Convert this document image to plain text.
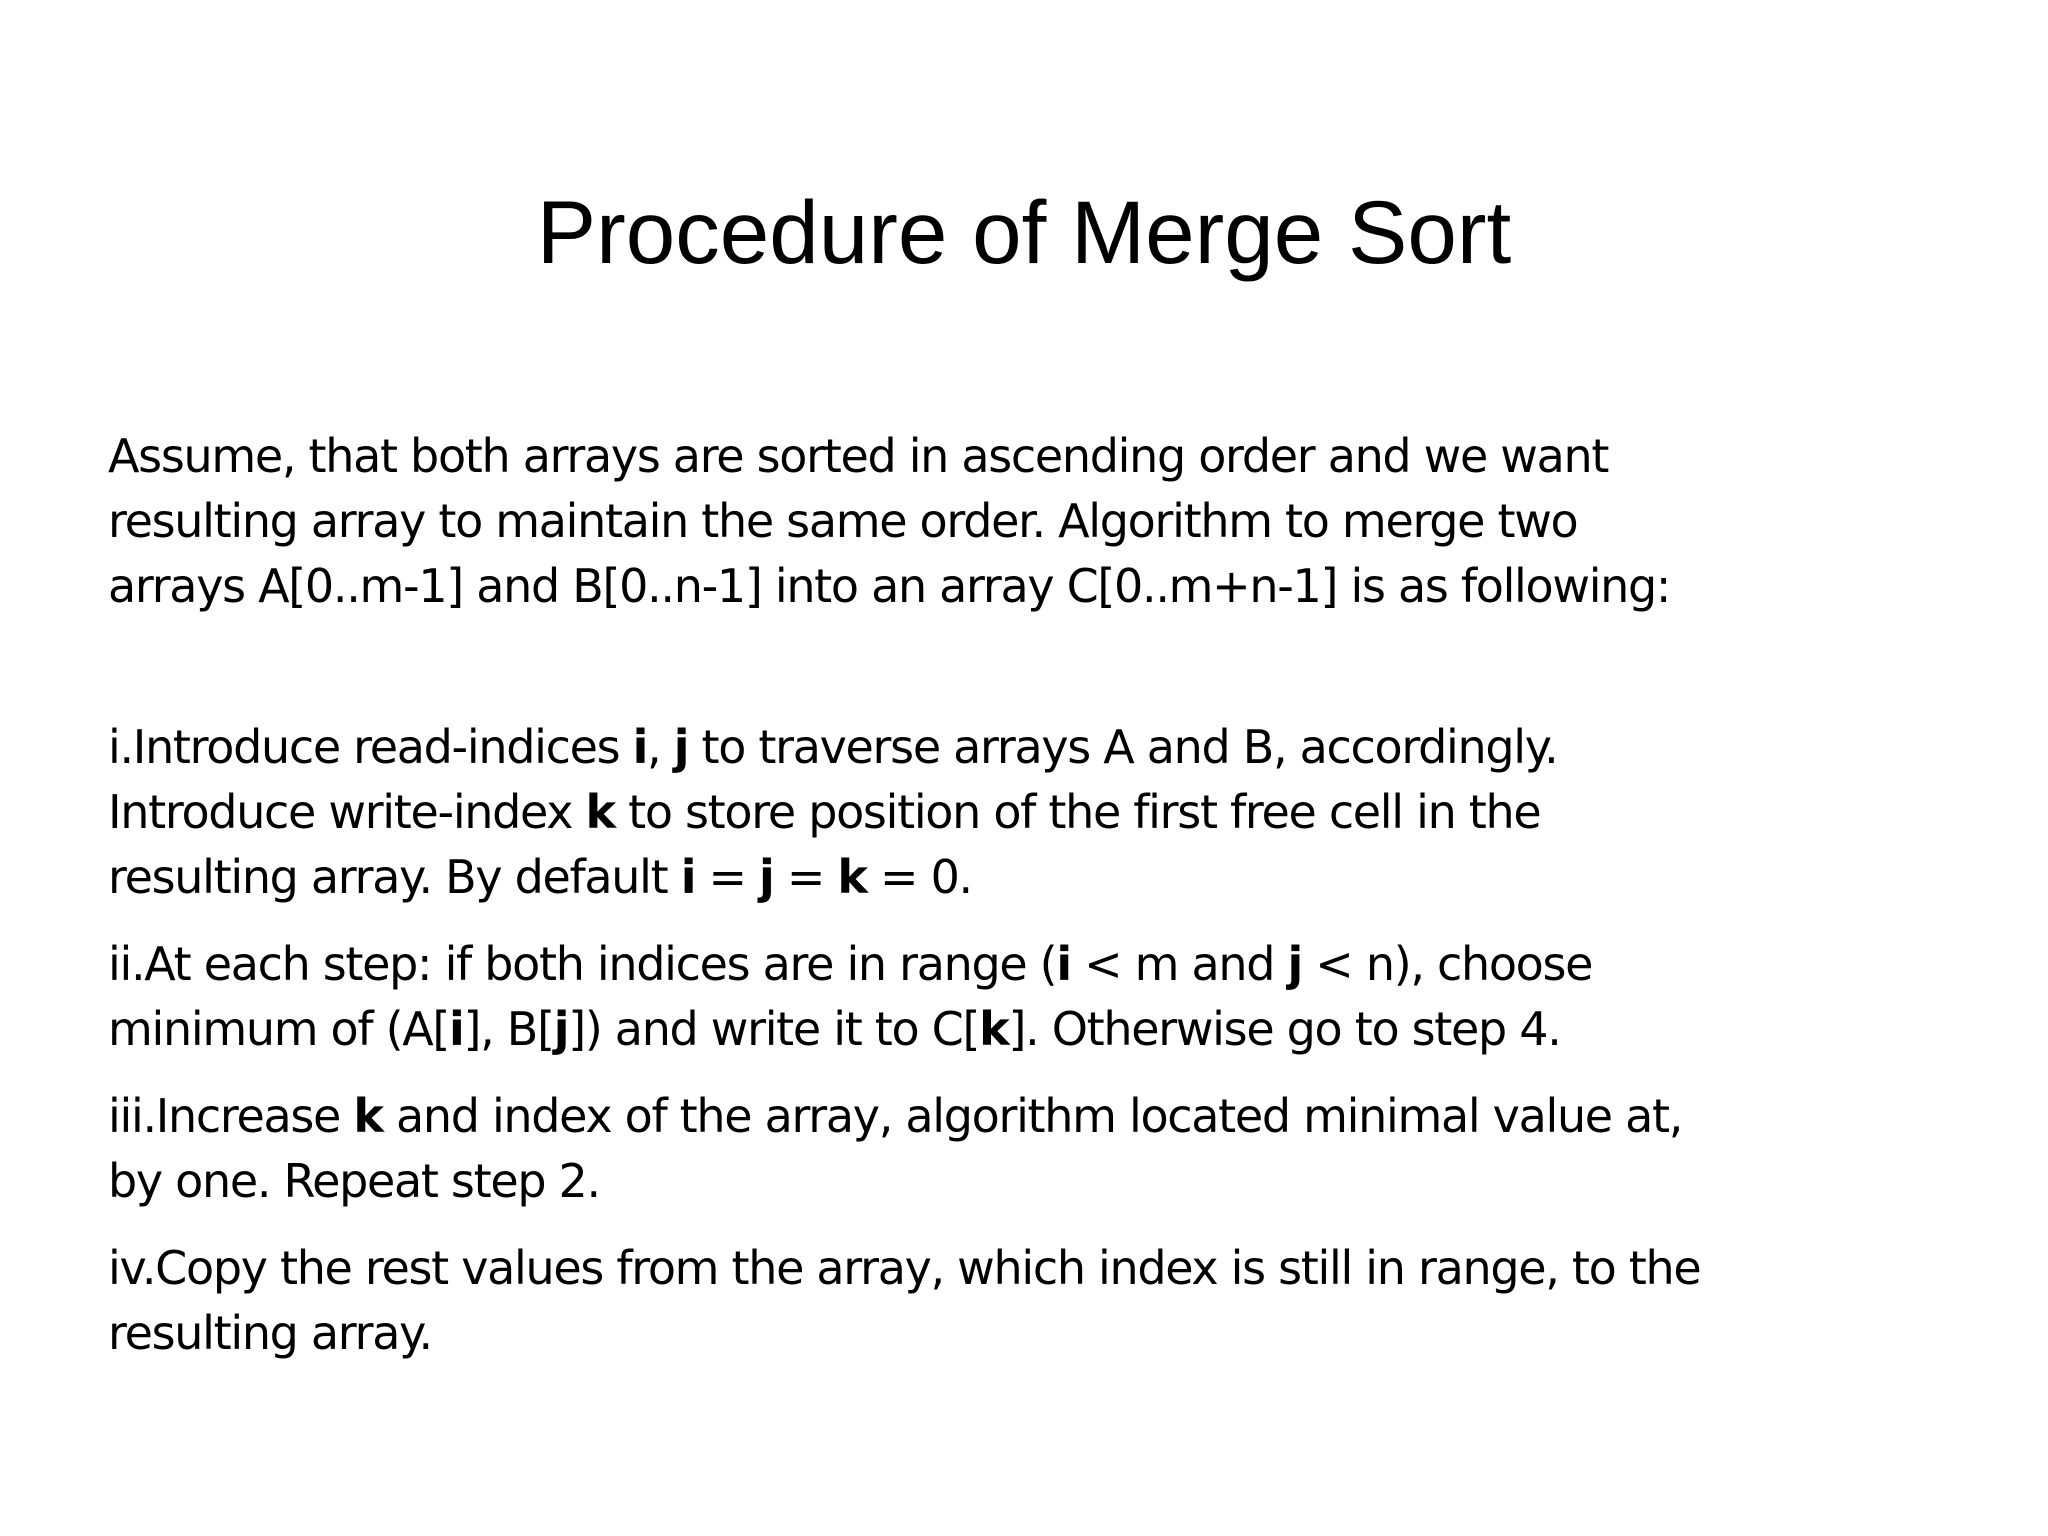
Procedure of Merge Sort

Assume, that both arrays are sorted in ascending order and we want
resulting array to maintain the same order. Algorithm to merge two
arrays A[0..m-1] and B[0..n-1] into an array C[0..m+n-1] is as following:

i.Introduce read-indices i, j to traverse arrays A and B, accordingly.
Introduce write-index k to store position of the first free cell in the
resulting array. By default i = j = k = 0.

ii.At each step: if both indices are in range (i < m and j < n), choose
minimum of (A[i], B[j]) and write it to C[k]. Otherwise go to step 4.

iii.Increase k and index of the array, algorithm located minimal value at,
by one. Repeat step 2.

iv.Copy the rest values from the array, which index is still in range, to the
resulting array.
